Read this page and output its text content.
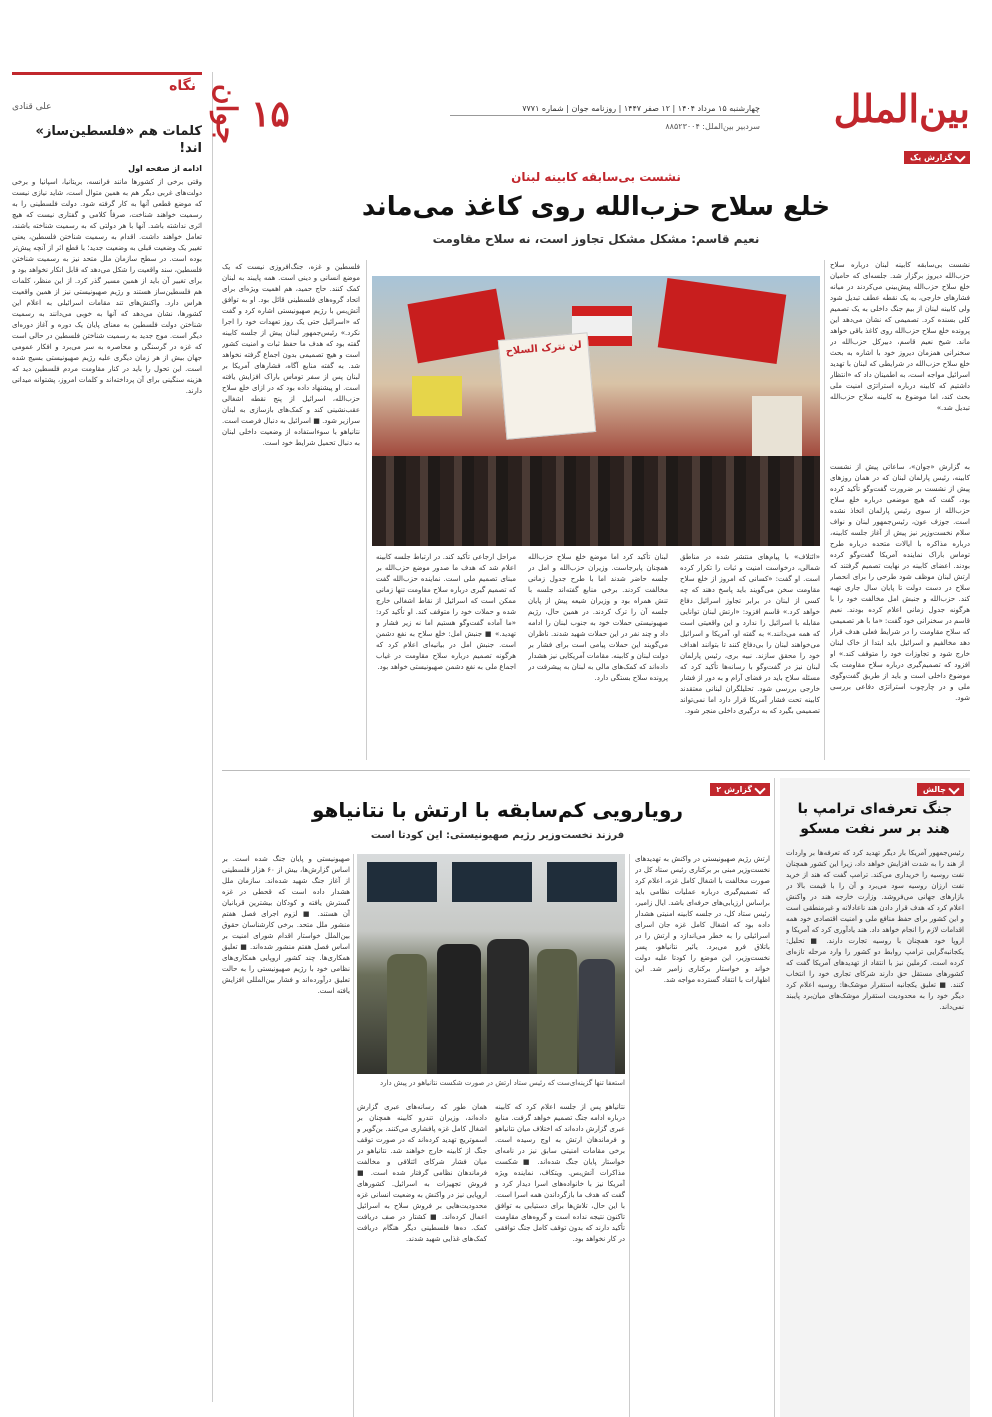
نگاه
علی قنادی
کلمات هم «فلسطین‌ساز» اند!
ادامه از صفحه اول
وقتی برخی از کشورها مانند فرانسه، بریتانیا، اسپانیا و برخی دولت‌های غربی دیگر هم به همین متوال است، شاید نیازی نیست که موضع قطعی آنها به کار گرفته شود. دولت فلسطینی را به رسمیت خواهند شناخت، صرفاً کلامی و گفتاری نیست که هیچ اثری نداشته باشد. آنها با هر دولتی که به رسمیت شناخته باشند، تعامل خواهند داشت. اقدام به رسمیت شناختن فلسطین، یعنی تغییر یک وضعیت قبلی به وضعیت جدید؛ با قطع اثر از آنچه پیش‌تر بوده است. در سطح سازمان ملل متحد نیز به رسمیت شناختن فلسطین، سند واقعیت را شکل می‌دهد که قابل انکار نخواهد بود و برای تغییر آن باید از همین مسیر گذر کرد. از این منظر، کلمات هم فلسطین‌ساز هستند و رژیم صهیونیستی نیز از همین واقعیت هراس دارد. واکنش‌های تند مقامات اسرائیلی به اعلام این کشورها، نشان می‌دهد که آنها به خوبی می‌دانند به رسمیت شناختن دولت فلسطین به معنای پایان یک دوره و آغاز دوره‌ای دیگر است. موج جدید به رسمیت شناختن فلسطین در حالی است که غزه در گرسنگی و محاصره به سر می‌برد و افکار عمومی جهان بیش از هر زمان دیگری علیه رژیم صهیونیستی بسیج شده است. این تحول را باید در کنار مقاومت مردم فلسطین دید که هزینه سنگینی برای آن پرداخته‌اند و کلمات امروز، پشتوانه میدانی دارند.
بین‌الملل
۱۵
جوان	چهارشنبه ۱۵ مرداد ۱۴۰۴ | ۱۲ صفر ۱۴۴۷ | روزنامه جوان | شماره ۷۷۷۱
سردبیر بین‌الملل: ۸۸۵۲۳۰۰۴
گزارش یک
نشست بی‌سابقه کابینه لبنان
خلع سلاح حزب‌الله روی کاغذ می‌ماند
نعیم قاسم: مشکل مشکل تجاوز است، نه سلاح مقاومت
نشست بی‌سابقه کابینه لبنان درباره سلاح حزب‌الله دیروز برگزار شد. جلسه‌ای که حامیان خلع سلاح حزب‌الله پیش‌بینی می‌کردند در میانه فشارهای خارجی، به یک نقطه عطف تبدیل شود ولی کابینه لبنان از بیم جنگ داخلی به یک تصمیم کلی بسنده کرد. تصمیمی که نشان می‌دهد این پرونده خلع سلاح حزب‌الله روی کاغذ باقی خواهد ماند. شیخ نعیم قاسم، دبیرکل حزب‌الله در سخنرانی همزمان دیروز خود با اشاره به بحث خلع سلاح حزب‌الله در شرایطی که لبنان با تهدید اسرائیل مواجه است، به اطمینان داد که «انتظار داشتیم که کابینه درباره استراتژی امنیت ملی بحث کند، اما موضوع به کابینه سلاح حزب‌الله تبدیل شد.»
به گزارش «جوان»، ساعاتی پیش از نشست کابینه، رئیس پارلمان لبنان که در همان روزهای پیش از نشست بر ضرورت گفت‌وگو تأکید کرده بود، گفت که هیچ موضعی درباره خلع سلاح حزب‌الله از سوی رئیس پارلمان اتخاذ نشده است. جوزف عون، رئیس‌جمهور لبنان و نواف سلام نخست‌وزیر نیز پیش از آغاز جلسه کابینه، درباره مذاکره با ایالات متحده درباره طرح توماس باراک نماینده آمریکا گفت‌وگو کرده بودند. اعضای کابینه در نهایت تصمیم گرفتند که ارتش لبنان موظف شود طرحی را برای انحصار سلاح در دست دولت تا پایان سال جاری تهیه کند. حزب‌الله و جنبش امل مخالفت خود را با هرگونه جدول زمانی اعلام کرده بودند. نعیم قاسم در سخنرانی خود گفت: «ما با هر تصمیمی که سلاح مقاومت را در شرایط فعلی هدف قرار دهد مخالفیم و اسرائیل باید ابتدا از خاک لبنان خارج شود و تجاوزات خود را متوقف کند.» او افزود که تصمیم‌گیری درباره سلاح مقاومت یک موضوع داخلی است و باید از طریق گفت‌وگوی ملی و در چارچوب استراتژی دفاعی بررسی شود.
لن نترک السلاح
«ائتلاف» با پیام‌های منتشر شده در مناطق شمالی، درخواست امنیت و ثبات را تکرار کرده است. او گفت: «کسانی که امروز از خلع سلاح مقاومت سخن می‌گویند باید پاسخ دهند که چه کسی از لبنان در برابر تجاوز اسرائیل دفاع خواهد کرد.» قاسم افزود: «ارتش لبنان توانایی مقابله با اسرائیل را ندارد و این واقعیتی است که همه می‌دانند.» به گفته او، آمریکا و اسرائیل می‌خواهند لبنان را بی‌دفاع کنند تا بتوانند اهداف خود را محقق سازند. نبیه بری، رئیس پارلمان لبنان نیز در گفت‌وگو با رسانه‌ها تأکید کرد که مسئله سلاح باید در فضای آرام و به دور از فشار خارجی بررسی شود. تحلیلگران لبنانی معتقدند کابینه تحت فشار آمریکا قرار دارد اما نمی‌تواند تصمیمی بگیرد که به درگیری داخلی منجر شود.
لبنان تأکید کرد اما موضع خلع سلاح حزب‌الله همچنان پابرجاست. وزیران حزب‌الله و امل در جلسه حاضر شدند اما با طرح جدول زمانی مخالفت کردند. برخی منابع گفته‌اند جلسه با تنش همراه بود و وزیران شیعه پیش از پایان جلسه آن را ترک کردند. در همین حال، رژیم صهیونیستی حملات خود به جنوب لبنان را ادامه داد و چند نفر در این حملات شهید شدند. ناظران می‌گویند این حملات پیامی است برای فشار بر دولت لبنان و کابینه. مقامات آمریکایی نیز هشدار داده‌اند که کمک‌های مالی به لبنان به پیشرفت در پرونده سلاح بستگی دارد.
مراحل ارجاعی تأکید کند. در ارتباط جلسه کابینه اعلام شد که هدف ما صدور موضع حزب‌الله بر مبنای تصمیم ملی است. نماینده حزب‌الله گفت که تصمیم گیری درباره سلاح مقاومت تنها زمانی ممکن است که اسرائیل از نقاط اشغالی خارج شده و حملات خود را متوقف کند. او تأکید کرد: «ما آماده گفت‌وگو هستیم اما نه زیر فشار و تهدید.» ■ جنبش امل: خلع سلاح به نفع دشمن است. جنبش امل در بیانیه‌ای اعلام کرد که هرگونه تصمیم درباره سلاح مقاومت در غیاب اجماع ملی به نفع دشمن صهیونیستی خواهد بود.
فلسطین و غزه، جنگ‌افروزی نیست که یک موضع انسانی و دینی است. همه پایبند به لبنان کمک کنند. حاج حمید، هم اهمیت ویژه‌ای برای اتحاد گروه‌های فلسطینی قائل بود. او به توافق آتش‌بس با رژیم صهیونیستی اشاره کرد و گفت که «اسرائیل حتی یک روز تعهدات خود را اجرا نکرد.» رئیس‌جمهور لبنان پیش از جلسه کابینه گفته بود که هدف ما حفظ ثبات و امنیت کشور است و هیچ تصمیمی بدون اجماع گرفته نخواهد شد. به گفته منابع آگاه، فشارهای آمریکا بر لبنان پس از سفر توماس باراک افزایش یافته است. او پیشنهاد داده بود که در ازای خلع سلاح حزب‌الله، اسرائیل از پنج نقطه اشغالی عقب‌نشینی کند و کمک‌های بازسازی به لبنان سرازیر شود. ■ اسرائیل به دنبال فرصت است. نتانیاهو با سوءاستفاده از وضعیت داخلی لبنان به دنبال تحمیل شرایط خود است.
چالش
جنگ تعرفه‌ای ترامپ با هند بر سر نفت مسکو
رئیس‌جمهور آمریکا بار دیگر تهدید کرد که تعرفه‌ها بر واردات از هند را به شدت افزایش خواهد داد، زیرا این کشور همچنان نفت روسیه را خریداری می‌کند. ترامپ گفت که هند از خرید نفت ارزان روسیه سود می‌برد و آن را با قیمت بالا در بازارهای جهانی می‌فروشد. وزارت خارجه هند در واکنش اعلام کرد که هدف قرار دادن هند ناعادلانه و غیرمنطقی است و این کشور برای حفظ منافع ملی و امنیت اقتصادی خود همه اقدامات لازم را انجام خواهد داد. هند یادآوری کرد که آمریکا و اروپا خود همچنان با روسیه تجارت دارند. ■ تحلیل: یکجانبه‌گرایی ترامپ روابط دو کشور را وارد مرحله تازه‌ای کرده است. کرملین نیز با انتقاد از تهدیدهای آمریکا گفت که کشورهای مستقل حق دارند شرکای تجاری خود را انتخاب کنند. ■ تعلیق یکجانبه استقرار موشک‌ها: روسیه اعلام کرد دیگر خود را به محدودیت استقرار موشک‌های میان‌برد پایبند نمی‌داند.
گزارش ۲
رویارویی کم‌سابقه با ارتش با نتانیاهو
فرزند نخست‌وزیر رژیم صهیونیستی: این کودتا است
ارتش رژیم صهیونیستی در واکنش به تهدیدهای نخست‌وزیر مبنی بر برکناری رئیس ستاد کل در صورت مخالفت با اشغال کامل غزه، اعلام کرد که تصمیم‌گیری درباره عملیات نظامی باید براساس ارزیابی‌های حرفه‌ای باشد. ایال زامیر، رئیس ستاد کل، در جلسه کابینه امنیتی هشدار داده بود که اشغال کامل غزه جان اسرای اسرائیلی را به خطر می‌اندازد و ارتش را در باتلاق فرو می‌برد. یائیر نتانیاهو، پسر نخست‌وزیر، این موضع را کودتا علیه دولت خواند و خواستار برکناری زامیر شد. این اظهارات با انتقاد گسترده مواجه شد.
استعفا تنها گزینه‌ای‌ست که رئیس ستاد ارتش در صورت شکست نتانیاهو در پیش دارد
نتانیاهو پس از جلسه اعلام کرد که کابینه درباره ادامه جنگ تصمیم خواهد گرفت. منابع عبری گزارش داده‌اند که اختلاف میان نتانیاهو و فرماندهان ارتش به اوج رسیده است. برخی مقامات امنیتی سابق نیز در نامه‌ای خواستار پایان جنگ شده‌اند. ■ شکست مذاکرات آتش‌بس. ویتکاف، نماینده ویژه آمریکا نیز با خانواده‌های اسرا دیدار کرد و گفت که هدف ما بازگرداندن همه اسرا است. با این حال، تلاش‌ها برای دستیابی به توافق تاکنون نتیجه نداده است و گروه‌های مقاومت تأکید دارند که بدون توقف کامل جنگ توافقی در کار نخواهد بود.
همان طور که رسانه‌های عبری گزارش داده‌اند، وزیران تندرو کابینه همچنان بر اشغال کامل غزه پافشاری می‌کنند. بن‌گویر و اسموتریچ تهدید کرده‌اند که در صورت توقف جنگ از کابینه خارج خواهند شد. نتانیاهو در میان فشار شرکای ائتلافی و مخالفت فرماندهان نظامی گرفتار شده است. ■ فروش تجهیزات به اسرائیل. کشورهای اروپایی نیز در واکنش به وضعیت انسانی غزه محدودیت‌هایی بر فروش سلاح به اسرائیل اعمال کرده‌اند. ■ کشتار در صف دریافت کمک. ده‌ها فلسطینی دیگر هنگام دریافت کمک‌های غذایی شهید شدند.
صهیونیستی و پایان جنگ شده است. بر اساس گزارش‌ها، بیش از ۶۰ هزار فلسطینی از آغاز جنگ شهید شده‌اند. سازمان ملل هشدار داده است که قحطی در غزه گسترش یافته و کودکان بیشترین قربانیان آن هستند. ■ لزوم اجرای فصل هفتم منشور ملل متحد. برخی کارشناسان حقوق بین‌الملل خواستار اقدام شورای امنیت بر اساس فصل هفتم منشور شده‌اند. ■ تعلیق همکاری‌ها. چند کشور اروپایی همکاری‌های نظامی خود با رژیم صهیونیستی را به حالت تعلیق درآورده‌اند و فشار بین‌المللی افزایش یافته است.
